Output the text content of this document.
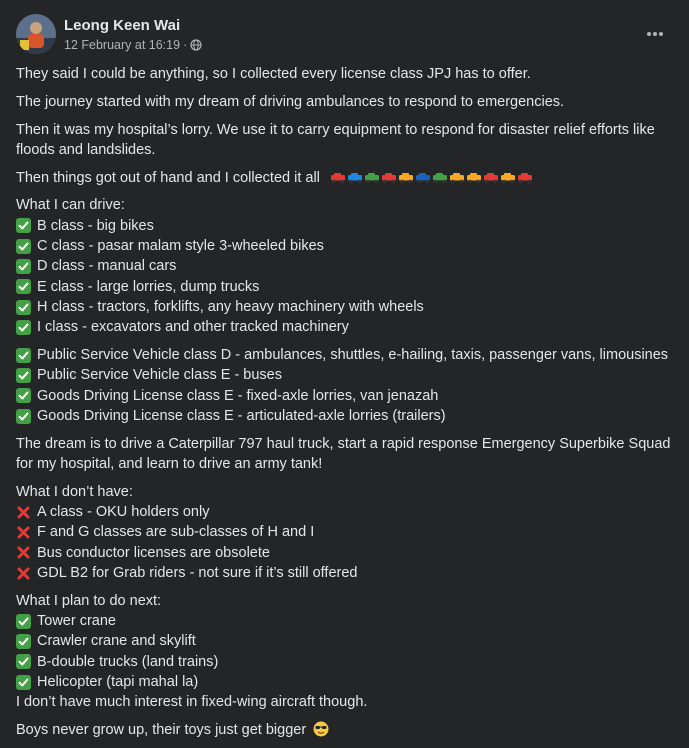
Leong Keen Wai
12 February at 16:19 ·

They said I could be anything, so I collected every license class JPJ has to offer.

The journey started with my dream of driving ambulances to respond to emergencies.

Then it was my hospital’s lorry. We use it to carry equipment to respond for disaster relief efforts like floods and landslides.

Then things got out of hand and I collected it all

What I can drive:
B class - big bikes
C class - pasar malam style 3-wheeled bikes
D class - manual cars
E class - large lorries, dump trucks
H class - tractors, forklifts, any heavy machinery with wheels
I class - excavators and other tracked machinery
Public Service Vehicle class D - ambulances, shuttles, e-hailing, taxis, passenger vans, limousines
Public Service Vehicle class E - buses
Goods Driving License class E - fixed-axle lorries, van jenazah
Goods Driving License class E - articulated-axle lorries (trailers)

The dream is to drive a Caterpillar 797 haul truck, start a rapid response Emergency Superbike Squad for my hospital, and learn to drive an army tank!

What I don’t have:
A class - OKU holders only
F and G classes are sub-classes of H and I
Bus conductor licenses are obsolete
GDL B2 for Grab riders - not sure if it’s still offered
What I plan to do next:
Tower crane
Crawler crane and skylift
B-double trucks (land trains)
Helicopter (tapi mahal la)

I don’t have much interest in fixed-wing aircraft though.

Boys never grow up, their toys just get bigger
